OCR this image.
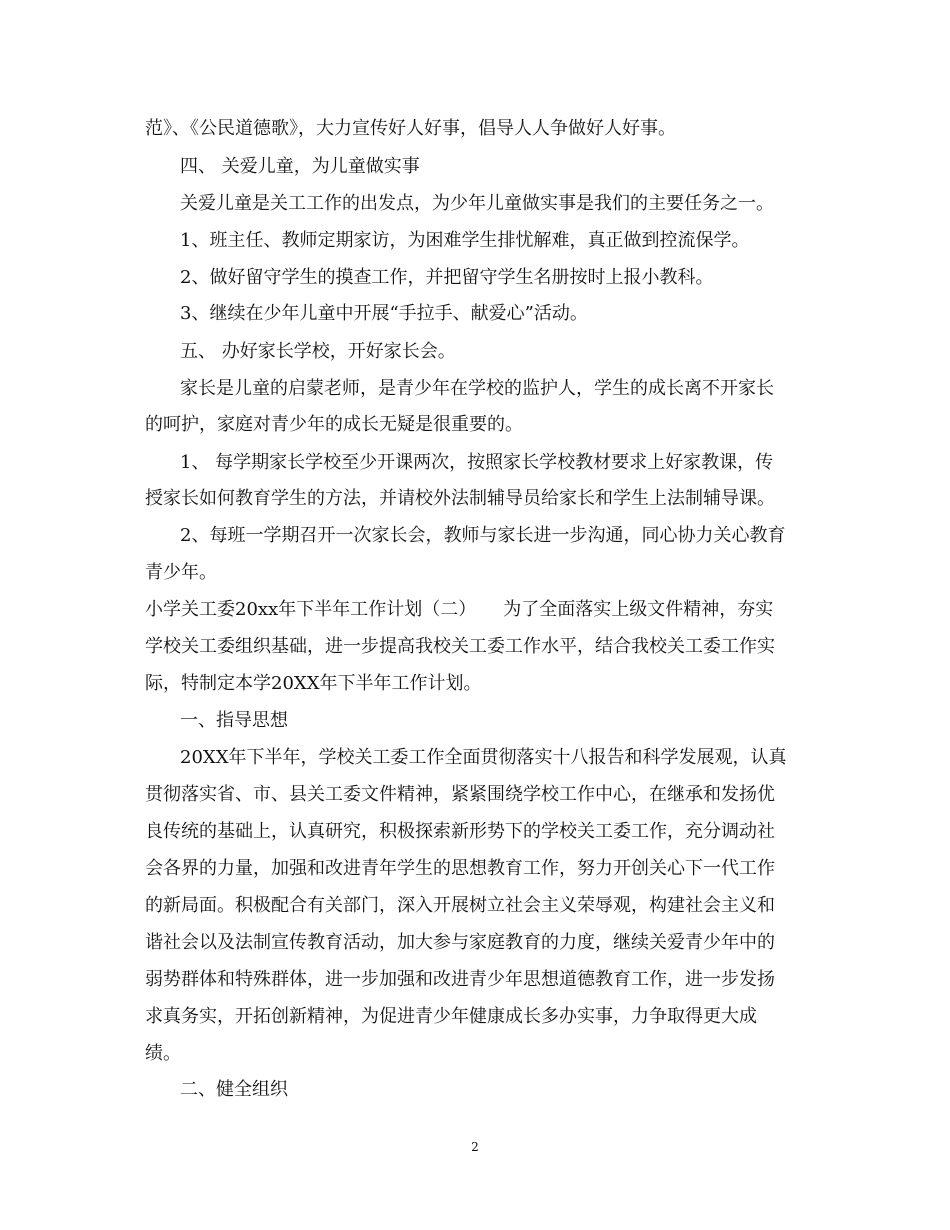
范》、《公民道德歌》，大力宣传好人好事，倡导人人争做好人好事。
四、 关爱儿童，为儿童做实事
关爱儿童是关工工作的出发点，为少年儿童做实事是我们的主要任务之一。
1、班主任、教师定期家访，为困难学生排忧解难，真正做到控流保学。
2、做好留守学生的摸查工作，并把留守学生名册按时上报小教科。
3、继续在少年儿童中开展“手拉手、献爱心”活动。
五、 办好家长学校，开好家长会。
家长是儿童的启蒙老师，是青少年在学校的监护人，学生的成长离不开家长
的呵护，家庭对青少年的成长无疑是很重要的。
1、 每学期家长学校至少开课两次，按照家长学校教材要求上好家教课，传
授家长如何教育学生的方法，并请校外法制辅导员给家长和学生上法制辅导课。
2、每班一学期召开一次家长会，教师与家长进一步沟通，同心协力关心教育
青少年。
小学关工委20xx年下半年工作计划（二）　　为了全面落实上级文件精神，夯实
学校关工委组织基础，进一步提高我校关工委工作水平，结合我校关工委工作实
际，特制定本学20XX年下半年工作计划。
一、指导思想
20XX年下半年，学校关工委工作全面贯彻落实十八报告和科学发展观，认真
贯彻落实省、市、县关工委文件精神，紧紧围绕学校工作中心，在继承和发扬优
良传统的基础上，认真研究，积极探索新形势下的学校关工委工作，充分调动社
会各界的力量，加强和改进青年学生的思想教育工作，努力开创关心下一代工作
的新局面。积极配合有关部门，深入开展树立社会主义荣辱观，构建社会主义和
谐社会以及法制宣传教育活动，加大参与家庭教育的力度，继续关爱青少年中的
弱势群体和特殊群体，进一步加强和改进青少年思想道德教育工作，进一步发扬
求真务实，开拓创新精神，为促进青少年健康成长多办实事，力争取得更大成
绩。
二、健全组织
2
